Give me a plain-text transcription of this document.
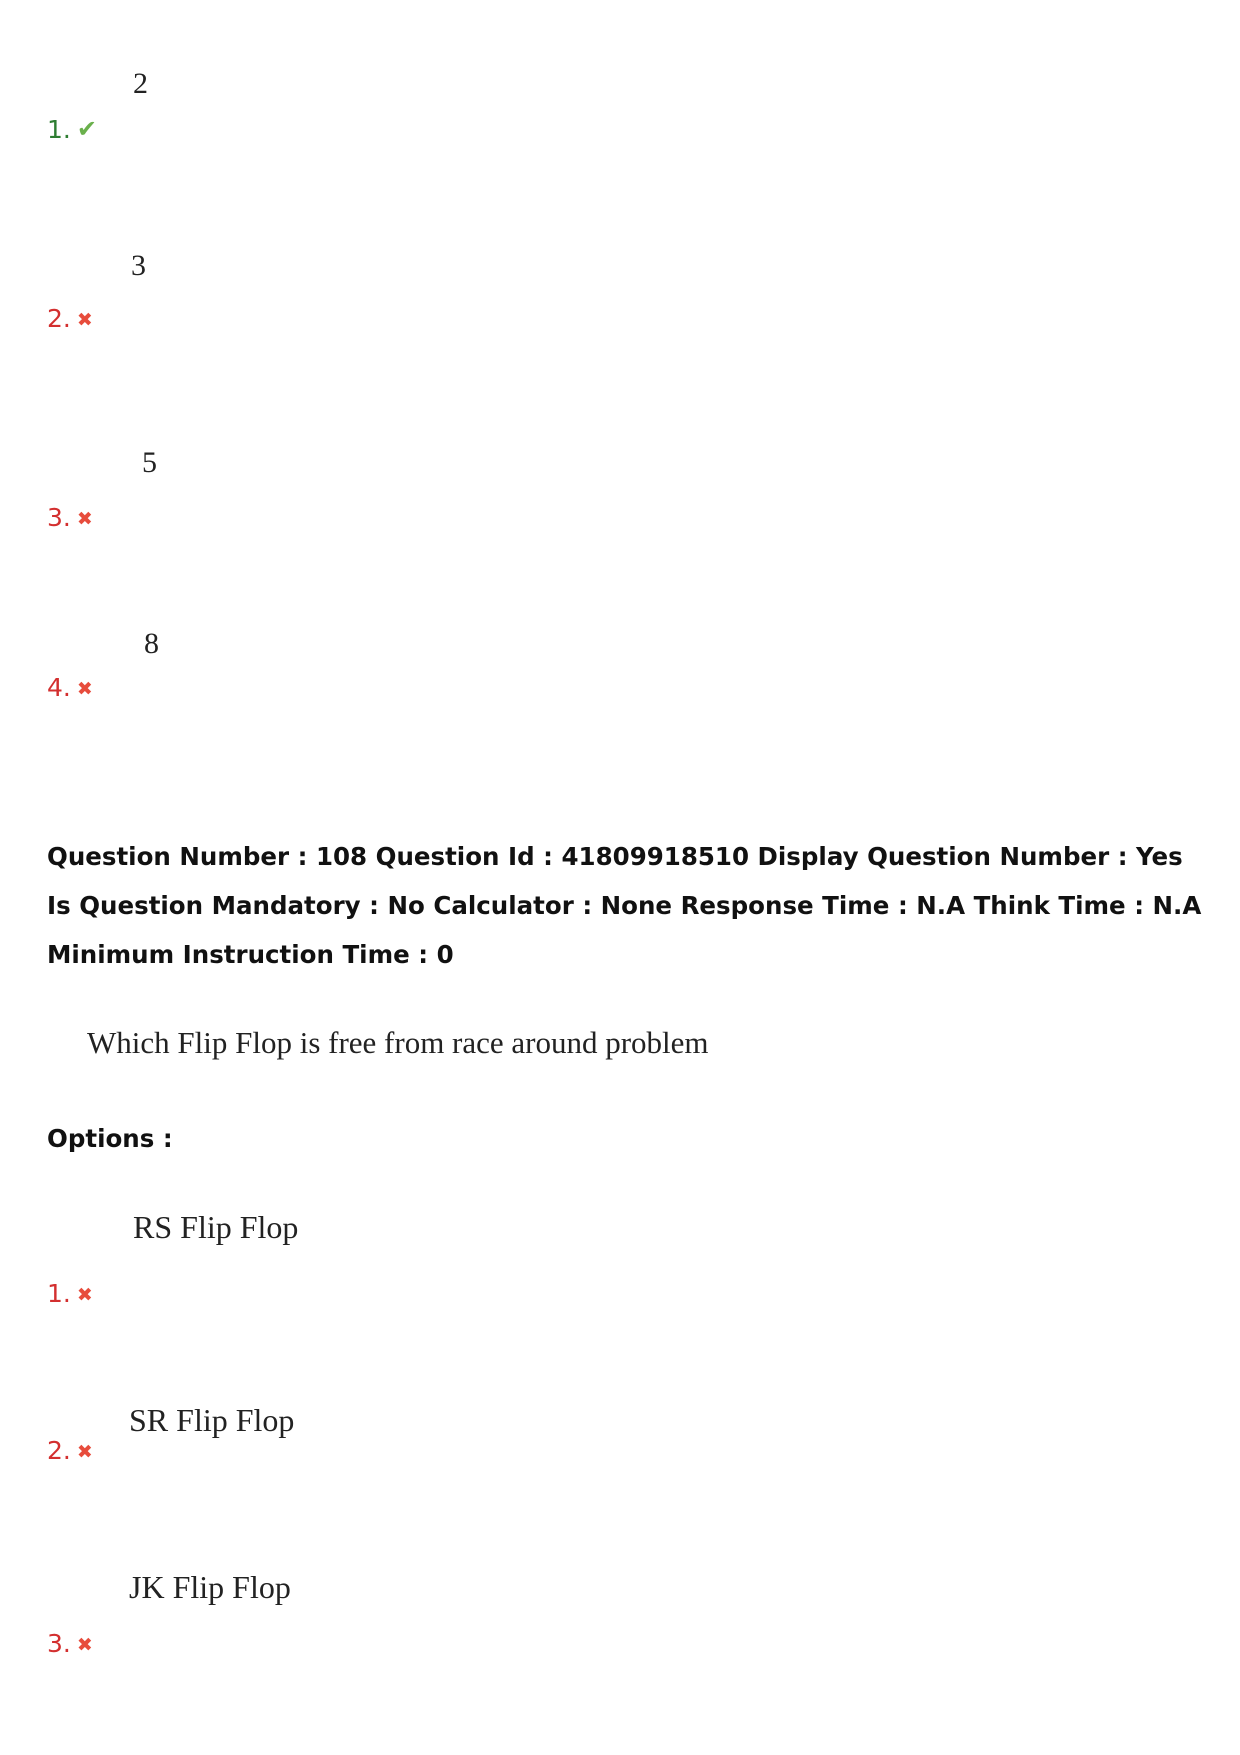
2
1. ✔
3
2. ✖
5
3. ✖
8
4. ✖
Question Number : 108 Question Id : 41809918510 Display Question Number : Yes Is Question Mandatory : No Calculator : None Response Time : N.A Think Time : N.A Minimum Instruction Time : 0
Which Flip Flop is free from race around problem
Options :
RS Flip Flop
1. ✖
SR Flip Flop
2. ✖
JK Flip Flop
3. ✖
